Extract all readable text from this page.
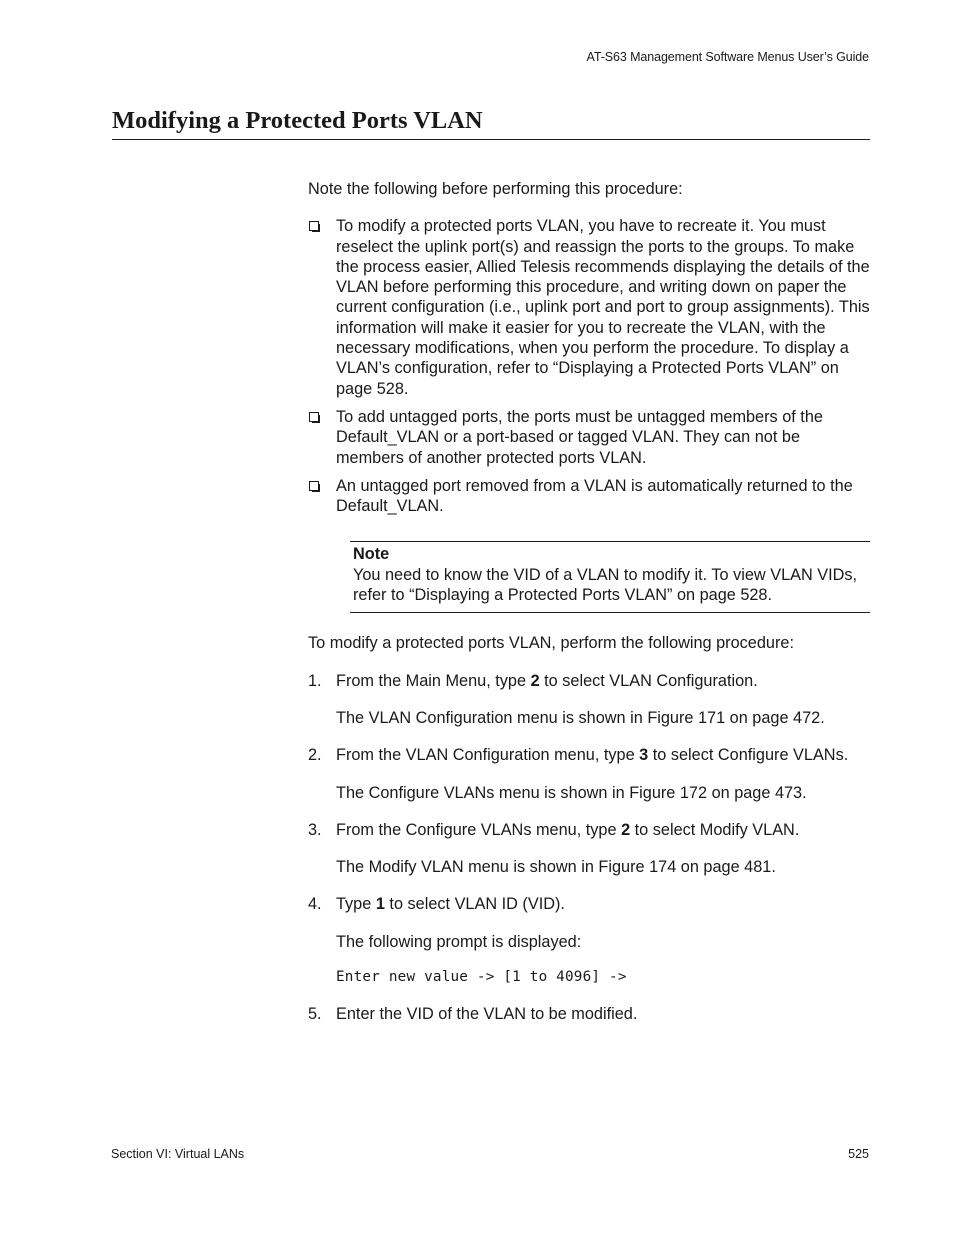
AT-S63 Management Software Menus User’s Guide
Modifying a Protected Ports VLAN

Note the following before performing this procedure:

To modify a protected ports VLAN, you have to recreate it. You must reselect the uplink port(s) and reassign the ports to the groups. To make the process easier, Allied Telesis recommends displaying the details of the VLAN before performing this procedure, and writing down on paper the current configuration (i.e., uplink port and port to group assignments). This information will make it easier for you to recreate the VLAN, with the necessary modifications, when you perform the procedure. To display a VLAN’s configuration, refer to “Displaying a Protected Ports VLAN” on page 528.
To add untagged ports, the ports must be untagged members of the Default_VLAN or a port-based or tagged VLAN. They can not be members of another protected ports VLAN.
An untagged port removed from a VLAN is automatically returned to the Default_VLAN.
Note
You need to know the VID of a VLAN to modify it. To view VLAN VIDs, refer to “Displaying a Protected Ports VLAN” on page 528.

To modify a protected ports VLAN, perform the following procedure:

1. From the Main Menu, type 2 to select VLAN Configuration.

The VLAN Configuration menu is shown in Figure 171 on page 472.

2. From the VLAN Configuration menu, type 3 to select Configure VLANs.

The Configure VLANs menu is shown in Figure 172 on page 473.

3. From the Configure VLANs menu, type 2 to select Modify VLAN.

The Modify VLAN menu is shown in Figure 174 on page 481.

4. Type 1 to select VLAN ID (VID).

The following prompt is displayed:

Enter new value -> [1 to 4096] ->

5. Enter the VID of the VLAN to be modified.

Section VI: Virtual LANs	525
